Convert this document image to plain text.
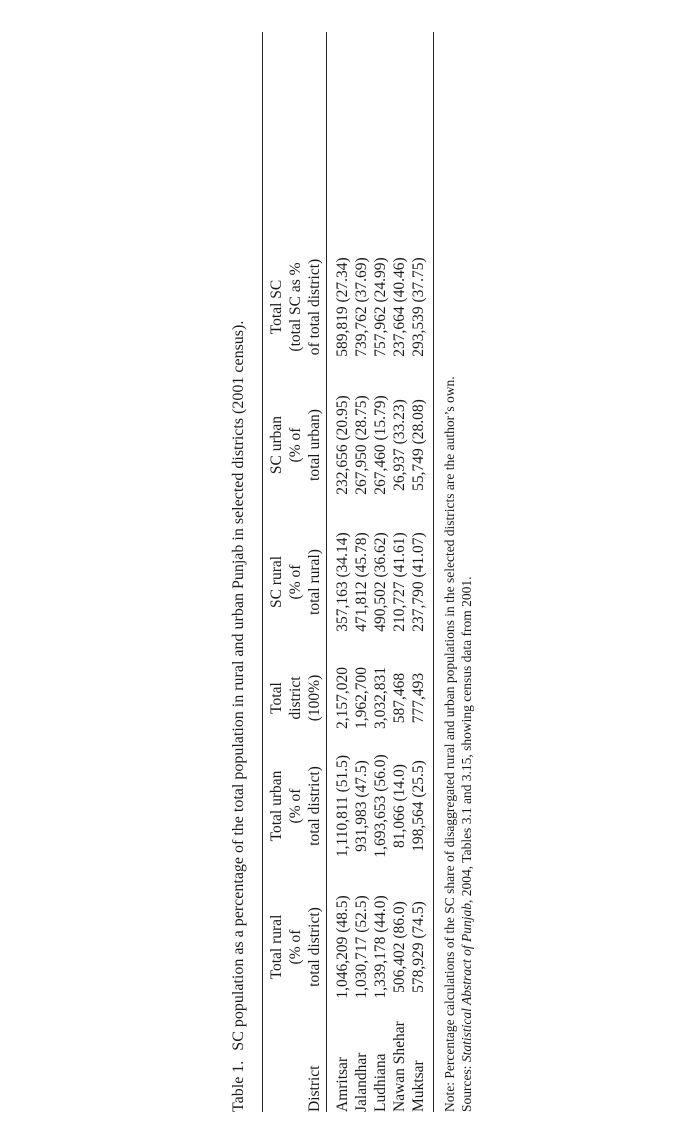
Table 1.SC population as a percentage of the total population in rural and urban Punjab in selected districts (2001 census).
District
Total rural (% of total district)
Total urban (% of total district)
Total district (100%)
SC rural (% of total rural)
SC urban (% of total urban)
Total SC (total SC as % of total district)
Amritsar
1,046,209 (48.5)
1,110,811 (51.5)
2,157,020
357,163 (34.14)
232,656 (20.95)
589,819 (27.34)
Jalandhar
1,030,717 (52.5)
931,983 (47.5)
1,962,700
471,812 (45.78)
267,950 (28.75)
739,762 (37.69)
Ludhiana
1,339,178 (44.0)
1,693,653 (56.0)
3,032,831
490,502 (36.62)
267,460 (15.79)
757,962 (24.99)
Nawan Shehar
506,402 (86.0)
81,066 (14.0)
587,468
210,727 (41.61)
26,937 (33.23)
237,664 (40.46)
Muktsar
578,929 (74.5)
198,564 (25.5)
777,493
237,790 (41.07)
55,749 (28.08)
293,539 (37.75)
Note: Percentage calculations of the SC share of disaggregated rural and urban populations in the selected districts are the author’s own. Sources: Statistical Abstract of Punjab, 2004, Tables 3.1 and 3.15, showing census data from 2001.
